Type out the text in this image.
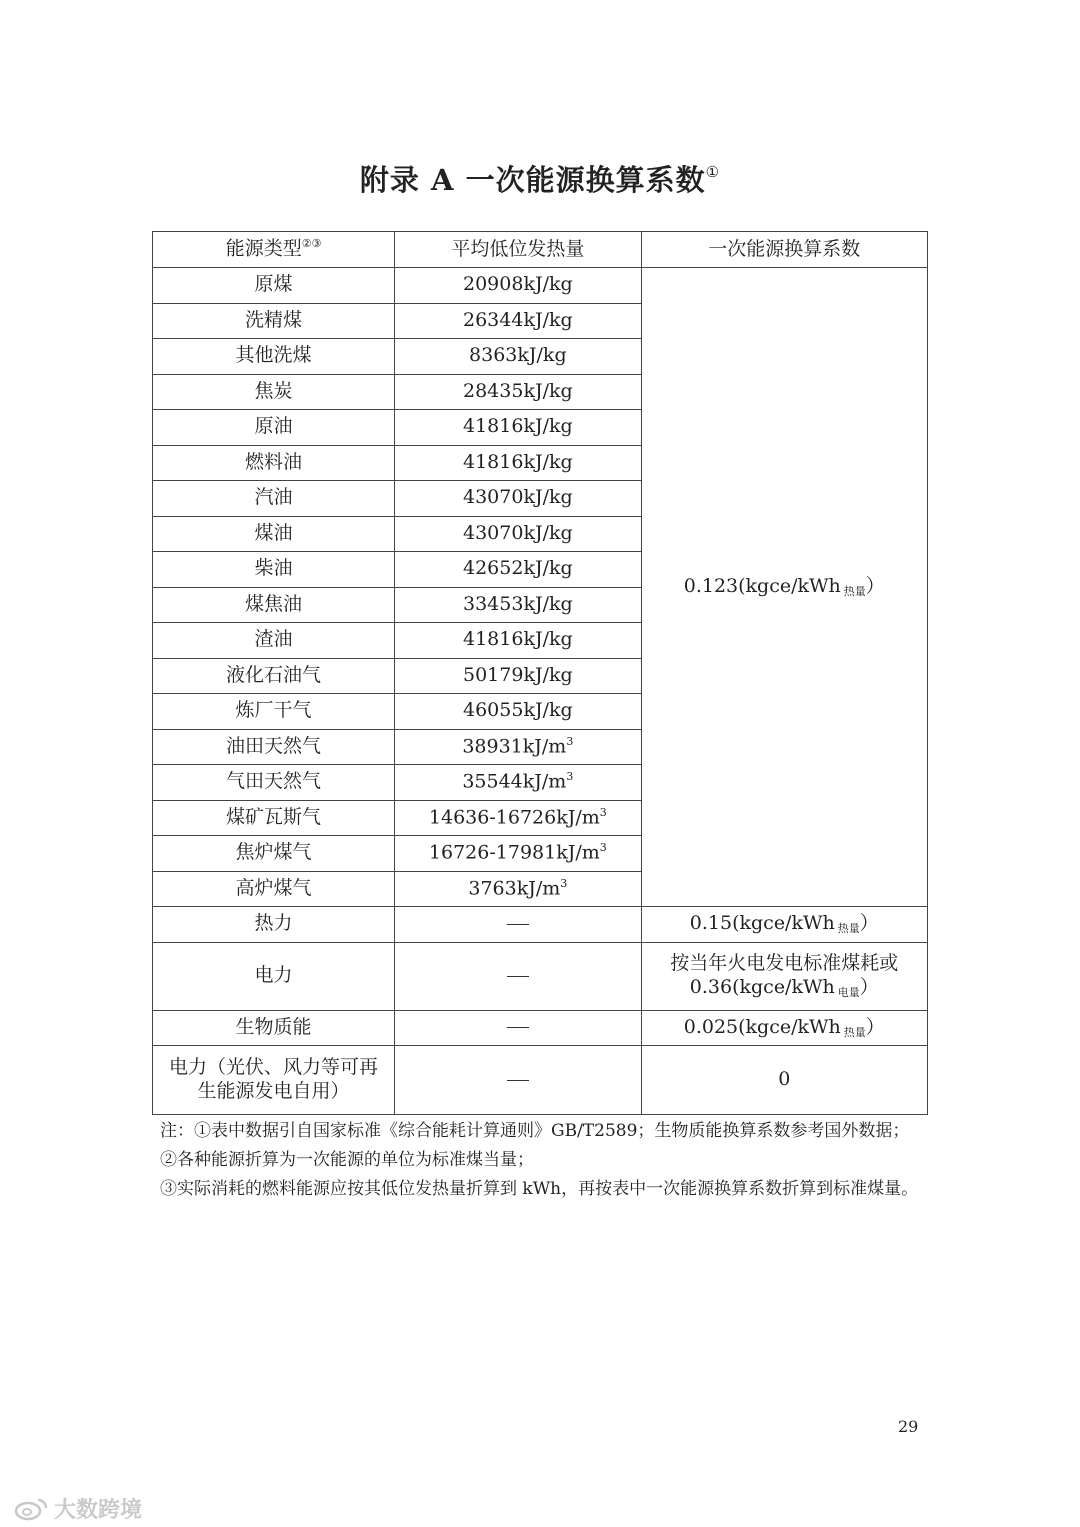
附录 A 一次能源换算系数①
能源类型②③	平均低位发热量	一次能源换算系数
原煤	20908kJ/kg	0.123(kgce/kWh 热量）
洗精煤	26344kJ/kg	
其他洗煤	8363kJ/kg	
焦炭	28435kJ/kg	
原油	41816kJ/kg	
燃料油	41816kJ/kg	
汽油	43070kJ/kg	
煤油	43070kJ/kg	
柴油	42652kJ/kg	
煤焦油	33453kJ/kg	
渣油	41816kJ/kg	
液化石油气	50179kJ/kg	
炼厂干气	46055kJ/kg	
油田天然气	$38931kJ/m^3$
气田天然气	$35544kJ/m^3$
煤矿瓦斯气	$14636-16726kJ/m^3$
焦炉煤气	$16726-17981kJ/m^3$
高炉煤气	$3763kJ/m^3$
热力		0.15(kgce/kWh 热量）
电力		按当年火电发电标准煤耗或
0.36(kgce/kWh 电量）

生物质能		0.025(kgce/kWh 热量）

电力（光伏、风力等可再
生能源发电自用）		0

注：①表中数据引自国家标准《综合能耗计算通则》GB/T2589；生物质能换算系数参考国外数据；

②各种能源折算为一次能源的单位为标准煤当量；

③实际消耗的燃料能源应按其低位发热量折算到 kWh，再按表中一次能源换算系数折算到标准煤量。

29
大数跨境
